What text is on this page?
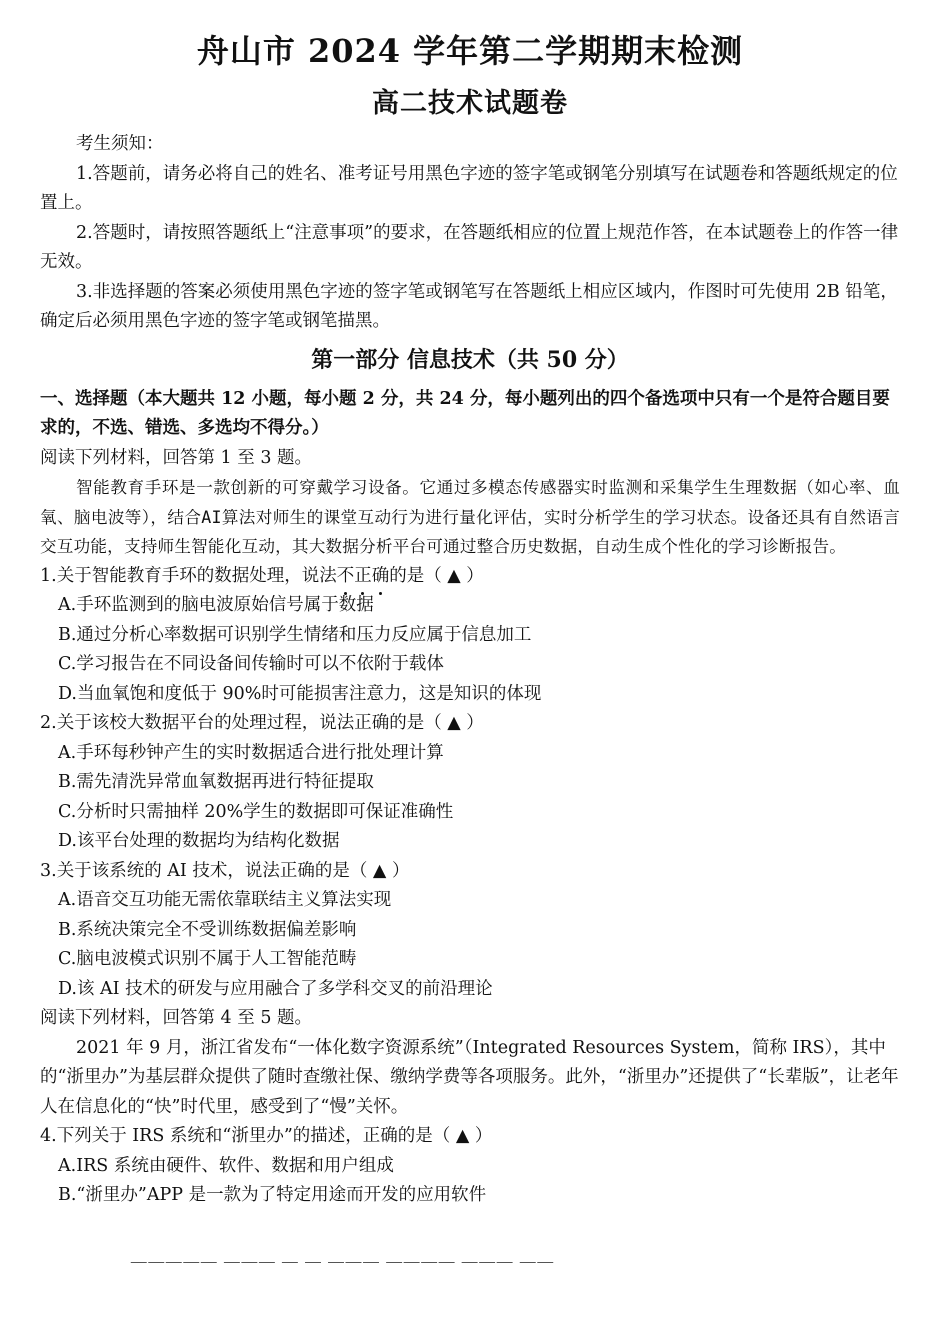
舟山市 2024 学年第二学期期末检测
高二技术试题卷

考生须知：

1.答题前，请务必将自己的姓名、准考证号用黑色字迹的签字笔或钢笔分别填写在试题卷和答题纸规定的位置上。

2.答题时，请按照答题纸上“注意事项”的要求，在答题纸相应的位置上规范作答，在本试题卷上的作答一律无效。

3.非选择题的答案必须使用黑色字迹的签字笔或钢笔写在答题纸上相应区域内，作图时可先使用 2B 铅笔，确定后必须用黑色字迹的签字笔或钢笔描黑。

第一部分 信息技术（共 50 分）

一、选择题（本大题共 12 小题，每小题 2 分，共 24 分，每小题列出的四个备选项中只有一个是符合题目要求的，不选、错选、多选均不得分。）

阅读下列材料，回答第 1 至 3 题。

智能教育手环是一款创新的可穿戴学习设备。它通过多模态传感器实时监测和采集学生生理数据（如心率、血氧、脑电波等），结合AI算法对师生的课堂互动行为进行量化评估，实时分析学生的学习状态。设备还具有自然语言交互功能，支持师生智能化互动，其大数据分析平台可通过整合历史数据，自动生成个性化的学习诊断报告。

1.关于智能教育手环的数据处理，说法不正确的是（ ▲ ）

A.手环监测到的脑电波原始信号属于数据

B.通过分析心率数据可识别学生情绪和压力反应属于信息加工

C.学习报告在不同设备间传输时可以不依附于载体

D.当血氧饱和度低于 90%时可能损害注意力，这是知识的体现

2.关于该校大数据平台的处理过程，说法正确的是（ ▲ ）

A.手环每秒钟产生的实时数据适合进行批处理计算

B.需先清洗异常血氧数据再进行特征提取

C.分析时只需抽样 20%学生的数据即可保证准确性

D.该平台处理的数据均为结构化数据

3.关于该系统的 AI 技术，说法正确的是（ ▲ ）

A.语音交互功能无需依靠联结主义算法实现

B.系统决策完全不受训练数据偏差影响

C.脑电波模式识别不属于人工智能范畴

D.该 AI 技术的研发与应用融合了多学科交叉的前沿理论

阅读下列材料，回答第 4 至 5 题。

2021 年 9 月，浙江省发布“一体化数字资源系统”（Integrated Resources System，简称 IRS），其中的“浙里办”为基层群众提供了随时查缴社保、缴纳学费等各项服务。此外，“浙里办”还提供了“长辈版”，让老年人在信息化的“快”时代里，感受到了“慢”关怀。

4.下列关于 IRS 系统和“浙里办”的描述，正确的是（ ▲ ）

A.IRS 系统由硬件、软件、数据和用户组成

B.“浙里办”APP 是一款为了特定用途而开发的应用软件

————— ——— — — ——— ———— ——— ——
